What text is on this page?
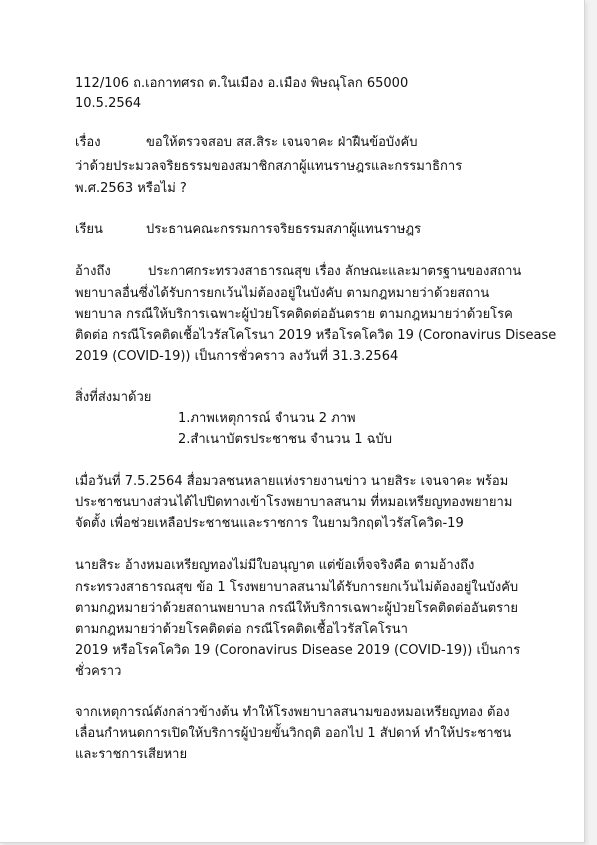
112/106 ถ.เอกาทศรถ ต.ในเมือง อ.เมือง พิษณุโลก 65000
10.5.2564
เรื่อง	ขอให้ตรวจสอบ สส.สิระ เจนจาคะ ฝ่าฝืนข้อบังคับ
ว่าด้วยประมวลจริยธรรมของสมาชิกสภาผู้แทนราษฎรและกรรมาธิการ
พ.ศ.2563 หรือไม่ ?
เรียน	ประธานคณะกรรมการจริยธรรมสภาผู้แทนราษฎร
อ้างถึง	ประกาศกระทรวงสาธารณสุข เรื่อง ลักษณะและมาตรฐานของสถาน
พยาบาลอื่นซึ่งได้รับการยกเว้นไม่ต้องอยู่ในบังคับ ตามกฎหมายว่าด้วยสถาน
พยาบาล กรณีให้บริการเฉพาะผู้ป่วยโรคติดต่ออันตราย ตามกฎหมายว่าด้วยโรค
ติดต่อ กรณีโรคติดเชื้อไวรัสโคโรนา 2019 หรือโรคโควิด 19 (Coronavirus Disease
2019 (COVID-19)) เป็นการชั่วคราว ลงวันที่ 31.3.2564
สิ่งที่ส่งมาด้วย
1.ภาพเหตุการณ์ จำนวน 2 ภาพ
2.สำเนาบัตรประชาชน จำนวน 1 ฉบับ
เมื่อวันที่ 7.5.2564 สื่อมวลชนหลายแห่งรายงานข่าว นายสิระ เจนจาคะ พร้อม
ประชาชนบางส่วนได้ไปปิดทางเข้าโรงพยาบาลสนาม ที่หมอเหรียญทองพยายาม
จัดตั้ง เพื่อช่วยเหลือประชาชนและราชการ ในยามวิกฤตไวรัสโควิด-19
นายสิระ อ้างหมอเหรียญทองไม่มีใบอนุญาต แต่ข้อเท็จจริงคือ ตามอ้างถึง
กระทรวงสาธารณสุข ข้อ 1 โรงพยาบาลสนามได้รับการยกเว้นไม่ต้องอยู่ในบังคับ
ตามกฎหมายว่าด้วยสถานพยาบาล กรณีให้บริการเฉพาะผู้ป่วยโรคติดต่ออันตราย
ตามกฎหมายว่าด้วยโรคติดต่อ กรณีโรคติดเชื้อไวรัสโคโรนา
2019 หรือโรคโควิด 19 (Coronavirus Disease 2019 (COVID-19)) เป็นการ
ชั่วคราว
จากเหตุการณ์ดังกล่าวข้างต้น ทำให้โรงพยาบาลสนามของหมอเหรียญทอง ต้อง
เลื่อนกำหนดการเปิดให้บริการผู้ป่วยขั้นวิกฤติ ออกไป 1 สัปดาห์ ทำให้ประชาชน
และราชการเสียหาย
